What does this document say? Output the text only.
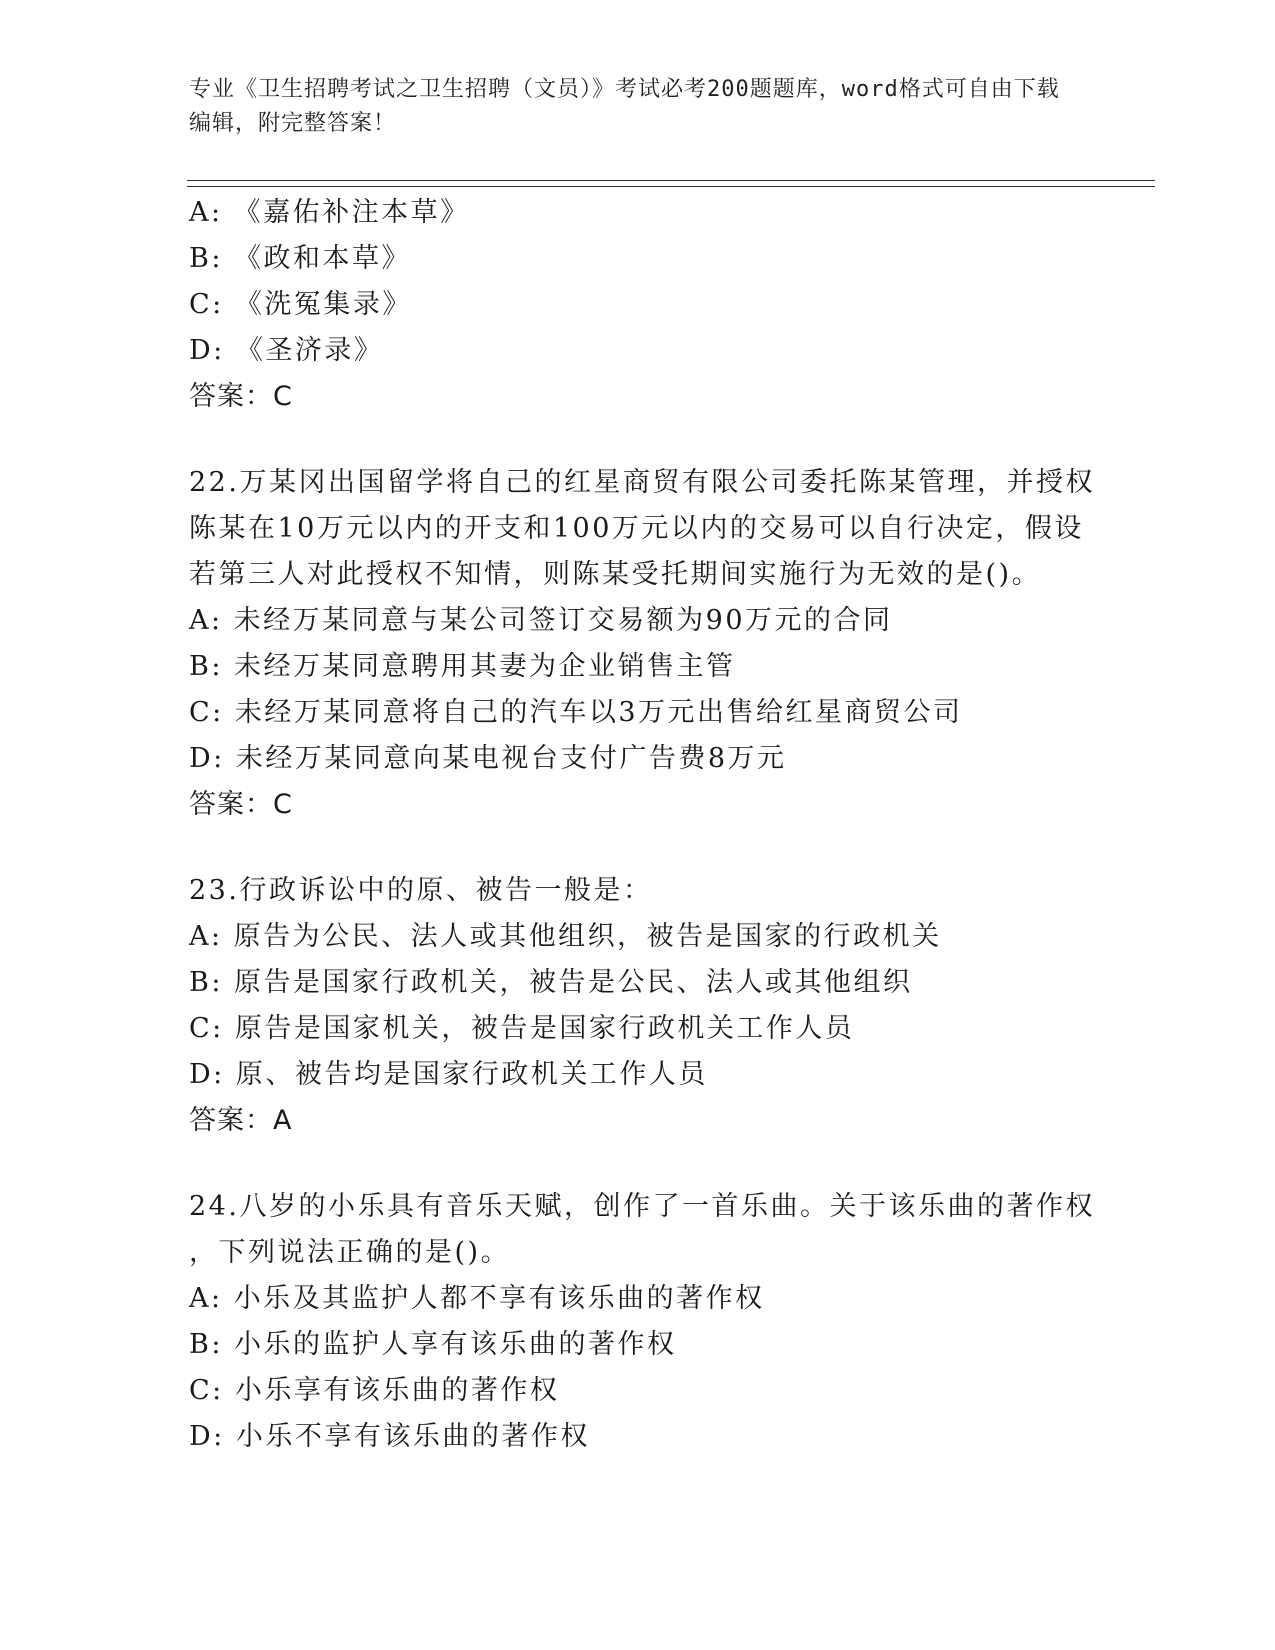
专业《卫生招聘考试之卫生招聘（文员）》考试必考200题题库，word格式可自由下载编辑，附完整答案！
A: 《嘉佑补注本草》
B: 《政和本草》
C: 《洗冤集录》
D: 《圣济录》
答案：C
22.万某冈出国留学将自己的红星商贸有限公司委托陈某管理，并授权
陈某在10万元以内的开支和100万元以内的交易可以自行决定，假设
若第三人对此授权不知情，则陈某受托期间实施行为无效的是()。
A: 未经万某同意与某公司签订交易额为90万元的合同
B: 未经万某同意聘用其妻为企业销售主管
C: 未经万某同意将自己的汽车以3万元出售给红星商贸公司
D: 未经万某同意向某电视台支付广告费8万元
答案：C
23.行政诉讼中的原、被告一般是：
A: 原告为公民、法人或其他组织，被告是国家的行政机关
B: 原告是国家行政机关，被告是公民、法人或其他组织
C: 原告是国家机关，被告是国家行政机关工作人员
D: 原、被告均是国家行政机关工作人员
答案：A
24.八岁的小乐具有音乐天赋，创作了一首乐曲。关于该乐曲的著作权
，下列说法正确的是()。
A: 小乐及其监护人都不享有该乐曲的著作权
B: 小乐的监护人享有该乐曲的著作权
C: 小乐享有该乐曲的著作权
D: 小乐不享有该乐曲的著作权
